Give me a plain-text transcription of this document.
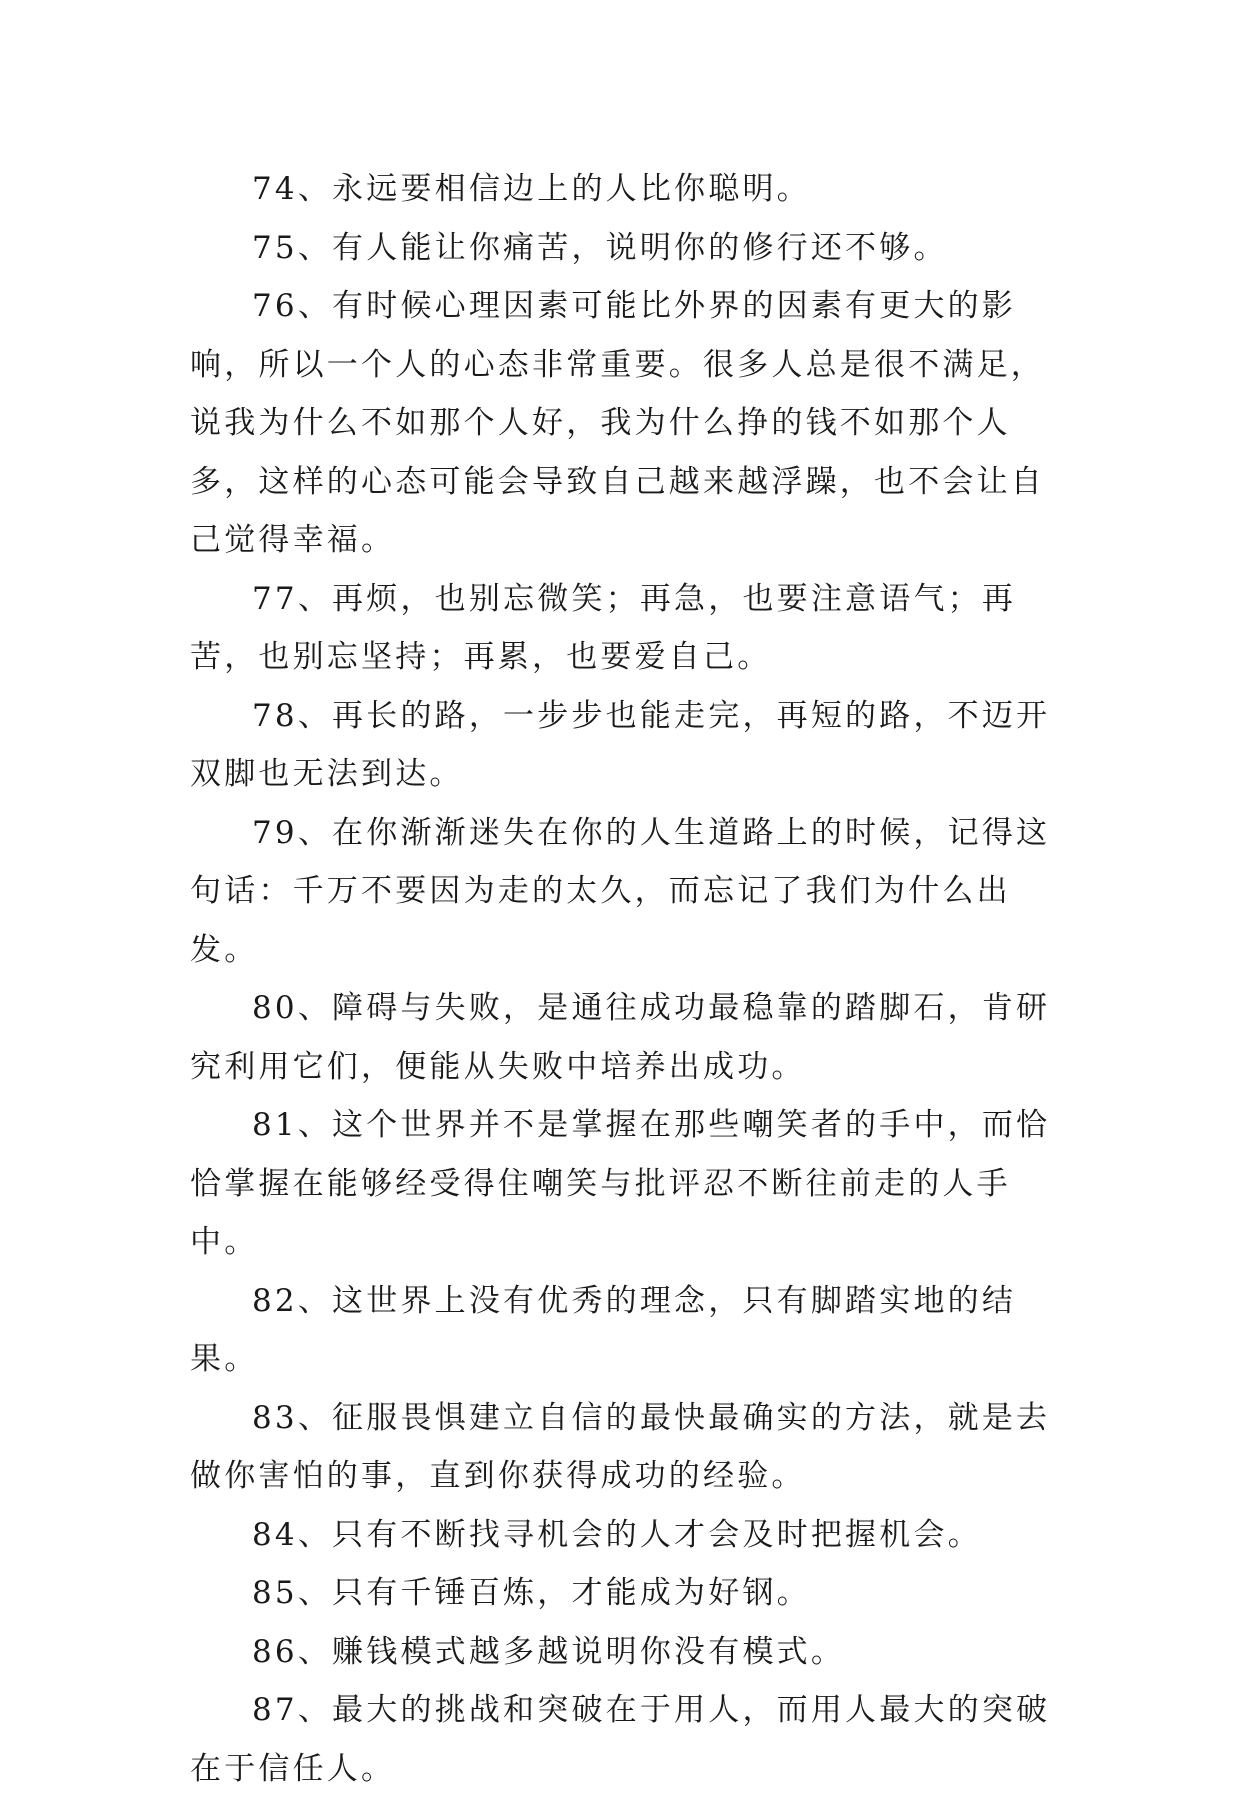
74、永远要相信边上的人比你聪明。

75、有人能让你痛苦，说明你的修行还不够。

76、有时候心理因素可能比外界的因素有更大的影响，所以一个人的心态非常重要。很多人总是很不满足，说我为什么不如那个人好，我为什么挣的钱不如那个人多，这样的心态可能会导致自己越来越浮躁，也不会让自己觉得幸福。

77、再烦，也别忘微笑；再急，也要注意语气；再苦，也别忘坚持；再累，也要爱自己。

78、再长的路，一步步也能走完，再短的路，不迈开双脚也无法到达。

79、在你渐渐迷失在你的人生道路上的时候，记得这句话：千万不要因为走的太久，而忘记了我们为什么出发。

80、障碍与失败，是通往成功最稳靠的踏脚石，肯研究利用它们，便能从失败中培养出成功。

81、这个世界并不是掌握在那些嘲笑者的手中，而恰恰掌握在能够经受得住嘲笑与批评忍不断往前走的人手中。

82、这世界上没有优秀的理念，只有脚踏实地的结果。

83、征服畏惧建立自信的最快最确实的方法，就是去做你害怕的事，直到你获得成功的经验。

84、只有不断找寻机会的人才会及时把握机会。

85、只有千锤百炼，才能成为好钢。

86、赚钱模式越多越说明你没有模式。

87、最大的挑战和突破在于用人，而用人最大的突破在于信任人。
